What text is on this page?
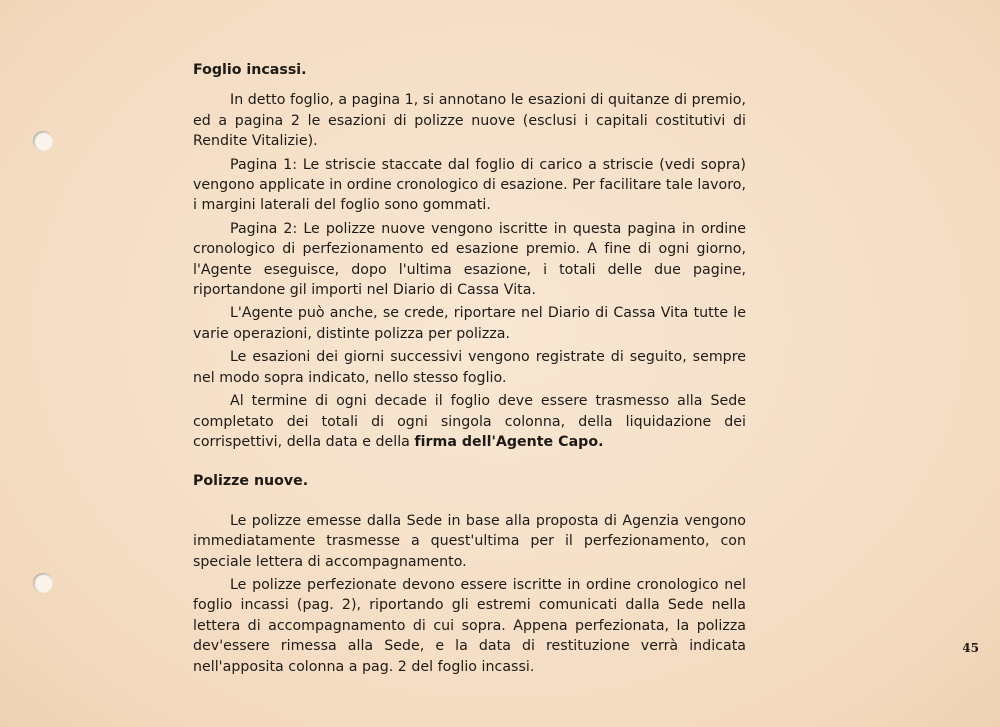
Foglio incassi.

In detto foglio, a pagina 1, si annotano le esazioni di quitanze di premio, ed a pagina 2 le esazioni di polizze nuove (esclusi i capitali costitutivi di Rendite Vitalizie).

Pagina 1: Le striscie staccate dal foglio di carico a striscie (vedi sopra) vengono applicate in ordine cronologico di esazione. Per facilitare tale lavoro, i margini laterali del foglio sono gommati.

Pagina 2: Le polizze nuove vengono iscritte in questa pagina in ordine cronologico di perfezionamento ed esazione premio. A fine di ogni giorno, l'Agente eseguisce, dopo l'ultima esazione, i totali delle due pagine, riportandone gil importi nel Diario di Cassa Vita.

L'Agente può anche, se crede, riportare nel Diario di Cassa Vita tutte le varie operazioni, distinte polizza per polizza.

Le esazioni dei giorni successivi vengono registrate di seguito, sempre nel modo sopra indicato, nello stesso foglio.

Al termine di ogni decade il foglio deve essere trasmesso alla Sede completato dei totali di ogni singola colonna, della liquidazione dei corrispettivi, della data e della firma dell'Agente Capo.

Polizze nuove.

Le polizze emesse dalla Sede in base alla proposta di Agenzia vengono immediatamente trasmesse a quest'ultima per il perfezionamento, con speciale lettera di accompagnamento.

Le polizze perfezionate devono essere iscritte in ordine cronologico nel foglio incassi (pag. 2), riportando gli estremi comunicati dalla Sede nella lettera di accompagnamento di cui sopra. Appena perfezionata, la polizza dev'essere rimessa alla Sede, e la data di restituzione verrà indicata nell'apposita colonna a pag. 2 del foglio incassi.

45
